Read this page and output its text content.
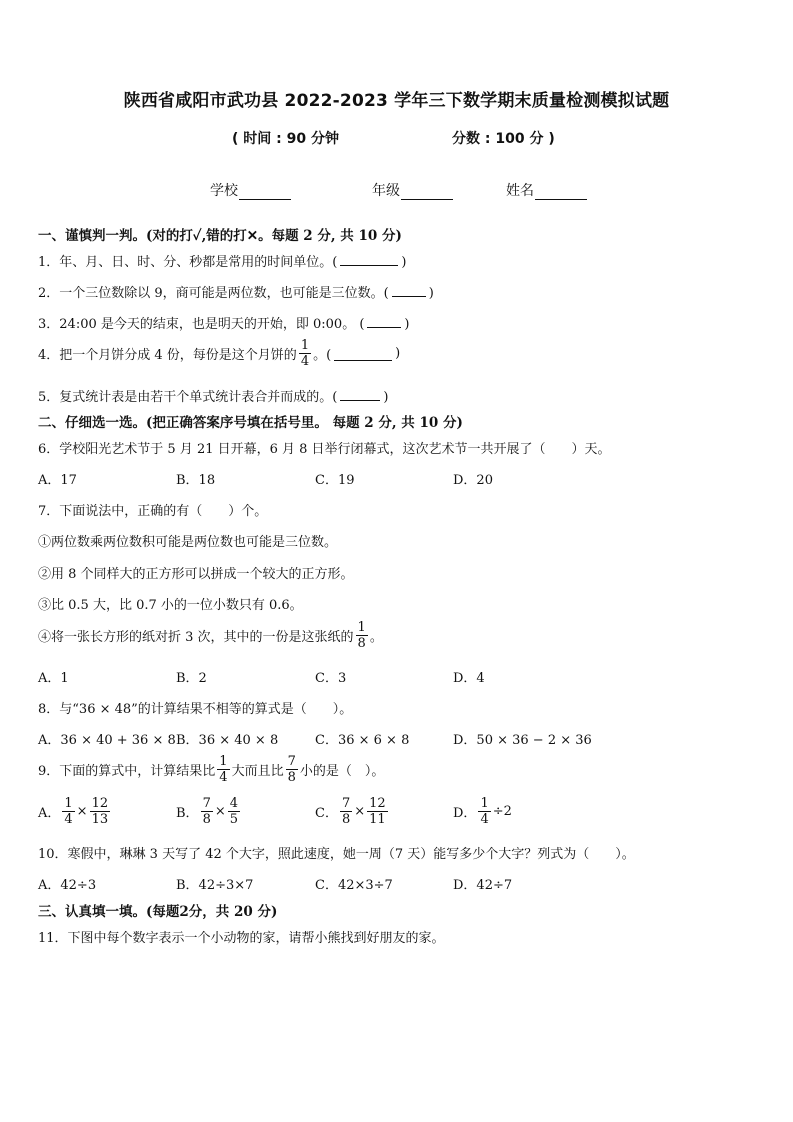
陕西省咸阳市武功县 2022-2023 学年三下数学期末质量检测模拟试题
( 时间 : 90 分钟	分数 : 100 分 )
学校	年级	姓名
一、谨慎判一判。(对的打✓,错的打✕。每题 2 分, 共 10 分)
1．年、月、日、时、分、秒都是常用的时间单位。(	)
2．一个三位数除以 9，商可能是两位数，也可能是三位数。(	)
3．24:00 是今天的结束，也是明天的开始，即 0:00。 (	)
4．把一个月饼分成 4 份，每份是这个月饼的 $\frac{1}{4}$ 。(	)
5．复式统计表是由若干个单式统计表合并而成的。(	)
二、仔细选一选。(把正确答案序号填在括号里。 每题 2 分, 共 10 分)
6．学校阳光艺术节于 5 月 21 日开幕，6 月 8 日举行闭幕式，这次艺术节一共开展了（　　）天。
A．17	B．18	C．19	D．20
7．下面说法中，正确的有（　　）个。
①两位数乘两位数积可能是两位数也可能是三位数。
②用 8 个同样大的正方形可以拼成一个较大的正方形。
③比 0.5 大，比 0.7 小的一位小数只有 0.6。
④将一张长方形的纸对折 3 次，其中的一份是这张纸的 $\frac{1}{8}$ 。
A．1	B．2	C．3	D．4
8．与“36 × 48”的计算结果不相等的算式是（　　）。
A．36 × 40 + 36 × 8 B．36 × 40 × 8	C．36 × 6 × 8	D．50 × 36 − 2 × 36
9．下面的算式中，计算结果比 $\frac{1}{4}$ 大而且比 $\frac{7}{8}$ 小的是（　）。
A． $\frac{1}{4} \times \frac{12}{13}$	B． $\frac{7}{8} \times \frac{4}{5}$	C． $\frac{7}{8} \times \frac{12}{11}$	D． $\frac{1}{4} \div 2$
10．寒假中，琳琳 3 天写了 42 个大字，照此速度，她一周（7 天）能写多少个大字？列式为（　　）。
A．42÷3	B．42÷3×7	C．42×3÷7	D．42÷7
三、认真填一填。(每题2分，共 20 分)
11．下图中每个数字表示一个小动物的家，请帮小熊找到好朋友的家。
